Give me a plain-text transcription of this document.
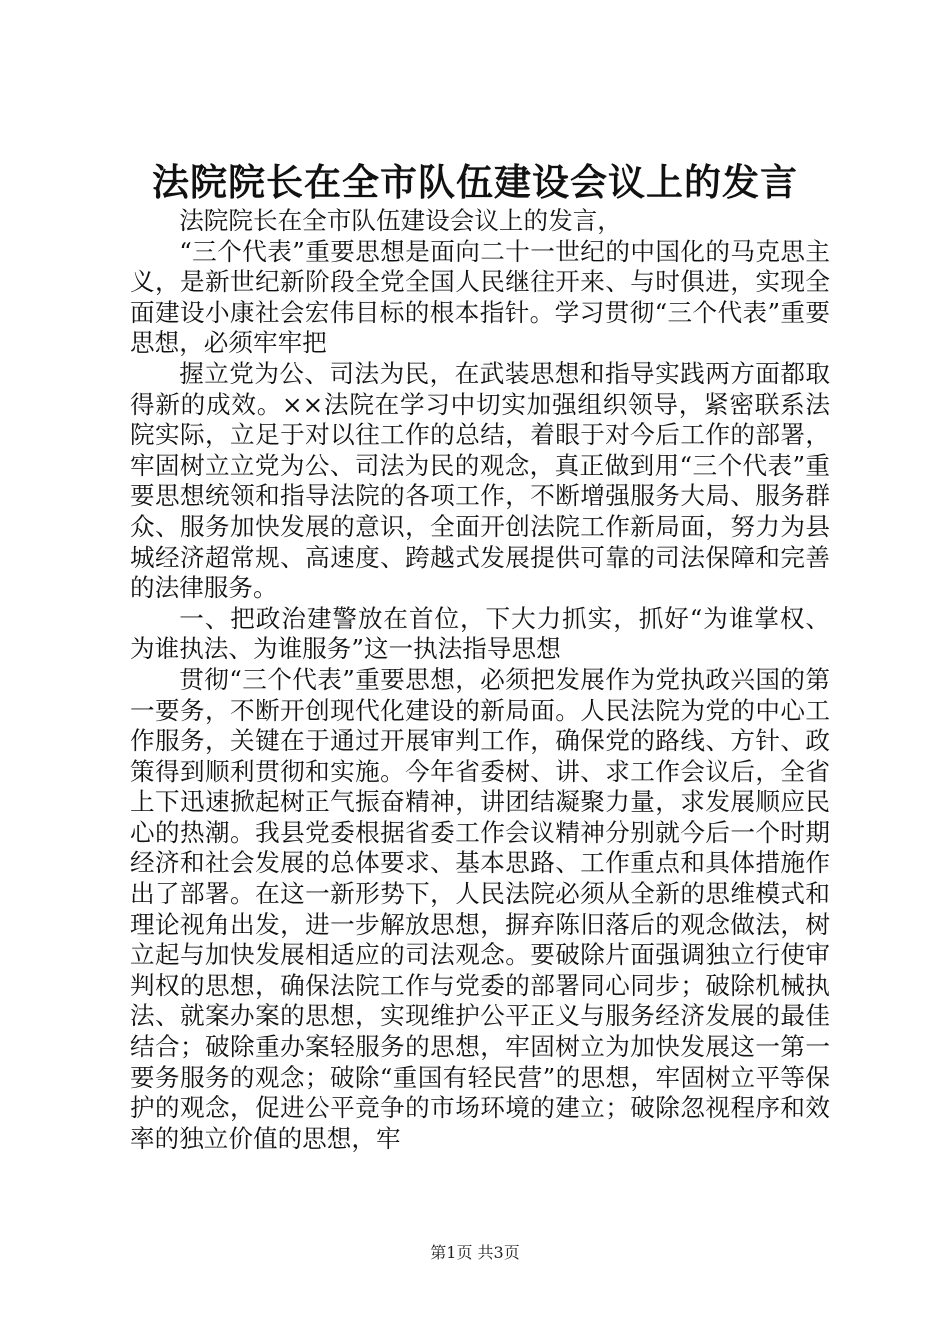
法院院长在全市队伍建设会议上的发言

法院院长在全市队伍建设会议上的发言，

“三个代表”重要思想是面向二十一世纪的中国化的马克思主义，是新世纪新阶段全党全国人民继往开来、与时俱进，实现全面建设小康社会宏伟目标的根本指针。学习贯彻“三个代表”重要思想，必须牢牢把

握立党为公、司法为民，在武装思想和指导实践两方面都取得新的成效。××法院在学习中切实加强组织领导，紧密联系法院实际，立足于对以往工作的总结，着眼于对今后工作的部署，牢固树立立党为公、司法为民的观念，真正做到用“三个代表”重要思想统领和指导法院的各项工作，不断增强服务大局、服务群众、服务加快发展的意识，全面开创法院工作新局面，努力为县城经济超常规、高速度、跨越式发展提供可靠的司法保障和完善的法律服务。

一、把政治建警放在首位，下大力抓实，抓好“为谁掌权、为谁执法、为谁服务”这一执法指导思想

贯彻“三个代表”重要思想，必须把发展作为党执政兴国的第一要务，不断开创现代化建设的新局面。人民法院为党的中心工作服务，关键在于通过开展审判工作，确保党的路线、方针、政策得到顺利贯彻和实施。今年省委树、讲、求工作会议后，全省上下迅速掀起树正气振奋精神，讲团结凝聚力量，求发展顺应民心的热潮。我县党委根据省委工作会议精神分别就今后一个时期经济和社会发展的总体要求、基本思路、工作重点和具体措施作出了部署。在这一新形势下，人民法院必须从全新的思维模式和理论视角出发，进一步解放思想，摒弃陈旧落后的观念做法，树立起与加快发展相适应的司法观念。要破除片面强调独立行使审判权的思想，确保法院工作与党委的部署同心同步；破除机械执法、就案办案的思想，实现维护公平正义与服务经济发展的最佳结合；破除重办案轻服务的思想，牢固树立为加快发展这一第一要务服务的观念；破除“重国有轻民营”的思想，牢固树立平等保护的观念，促进公平竞争的市场环境的建立；破除忽视程序和效率的独立价值的思想，牢

第1页 共3页
